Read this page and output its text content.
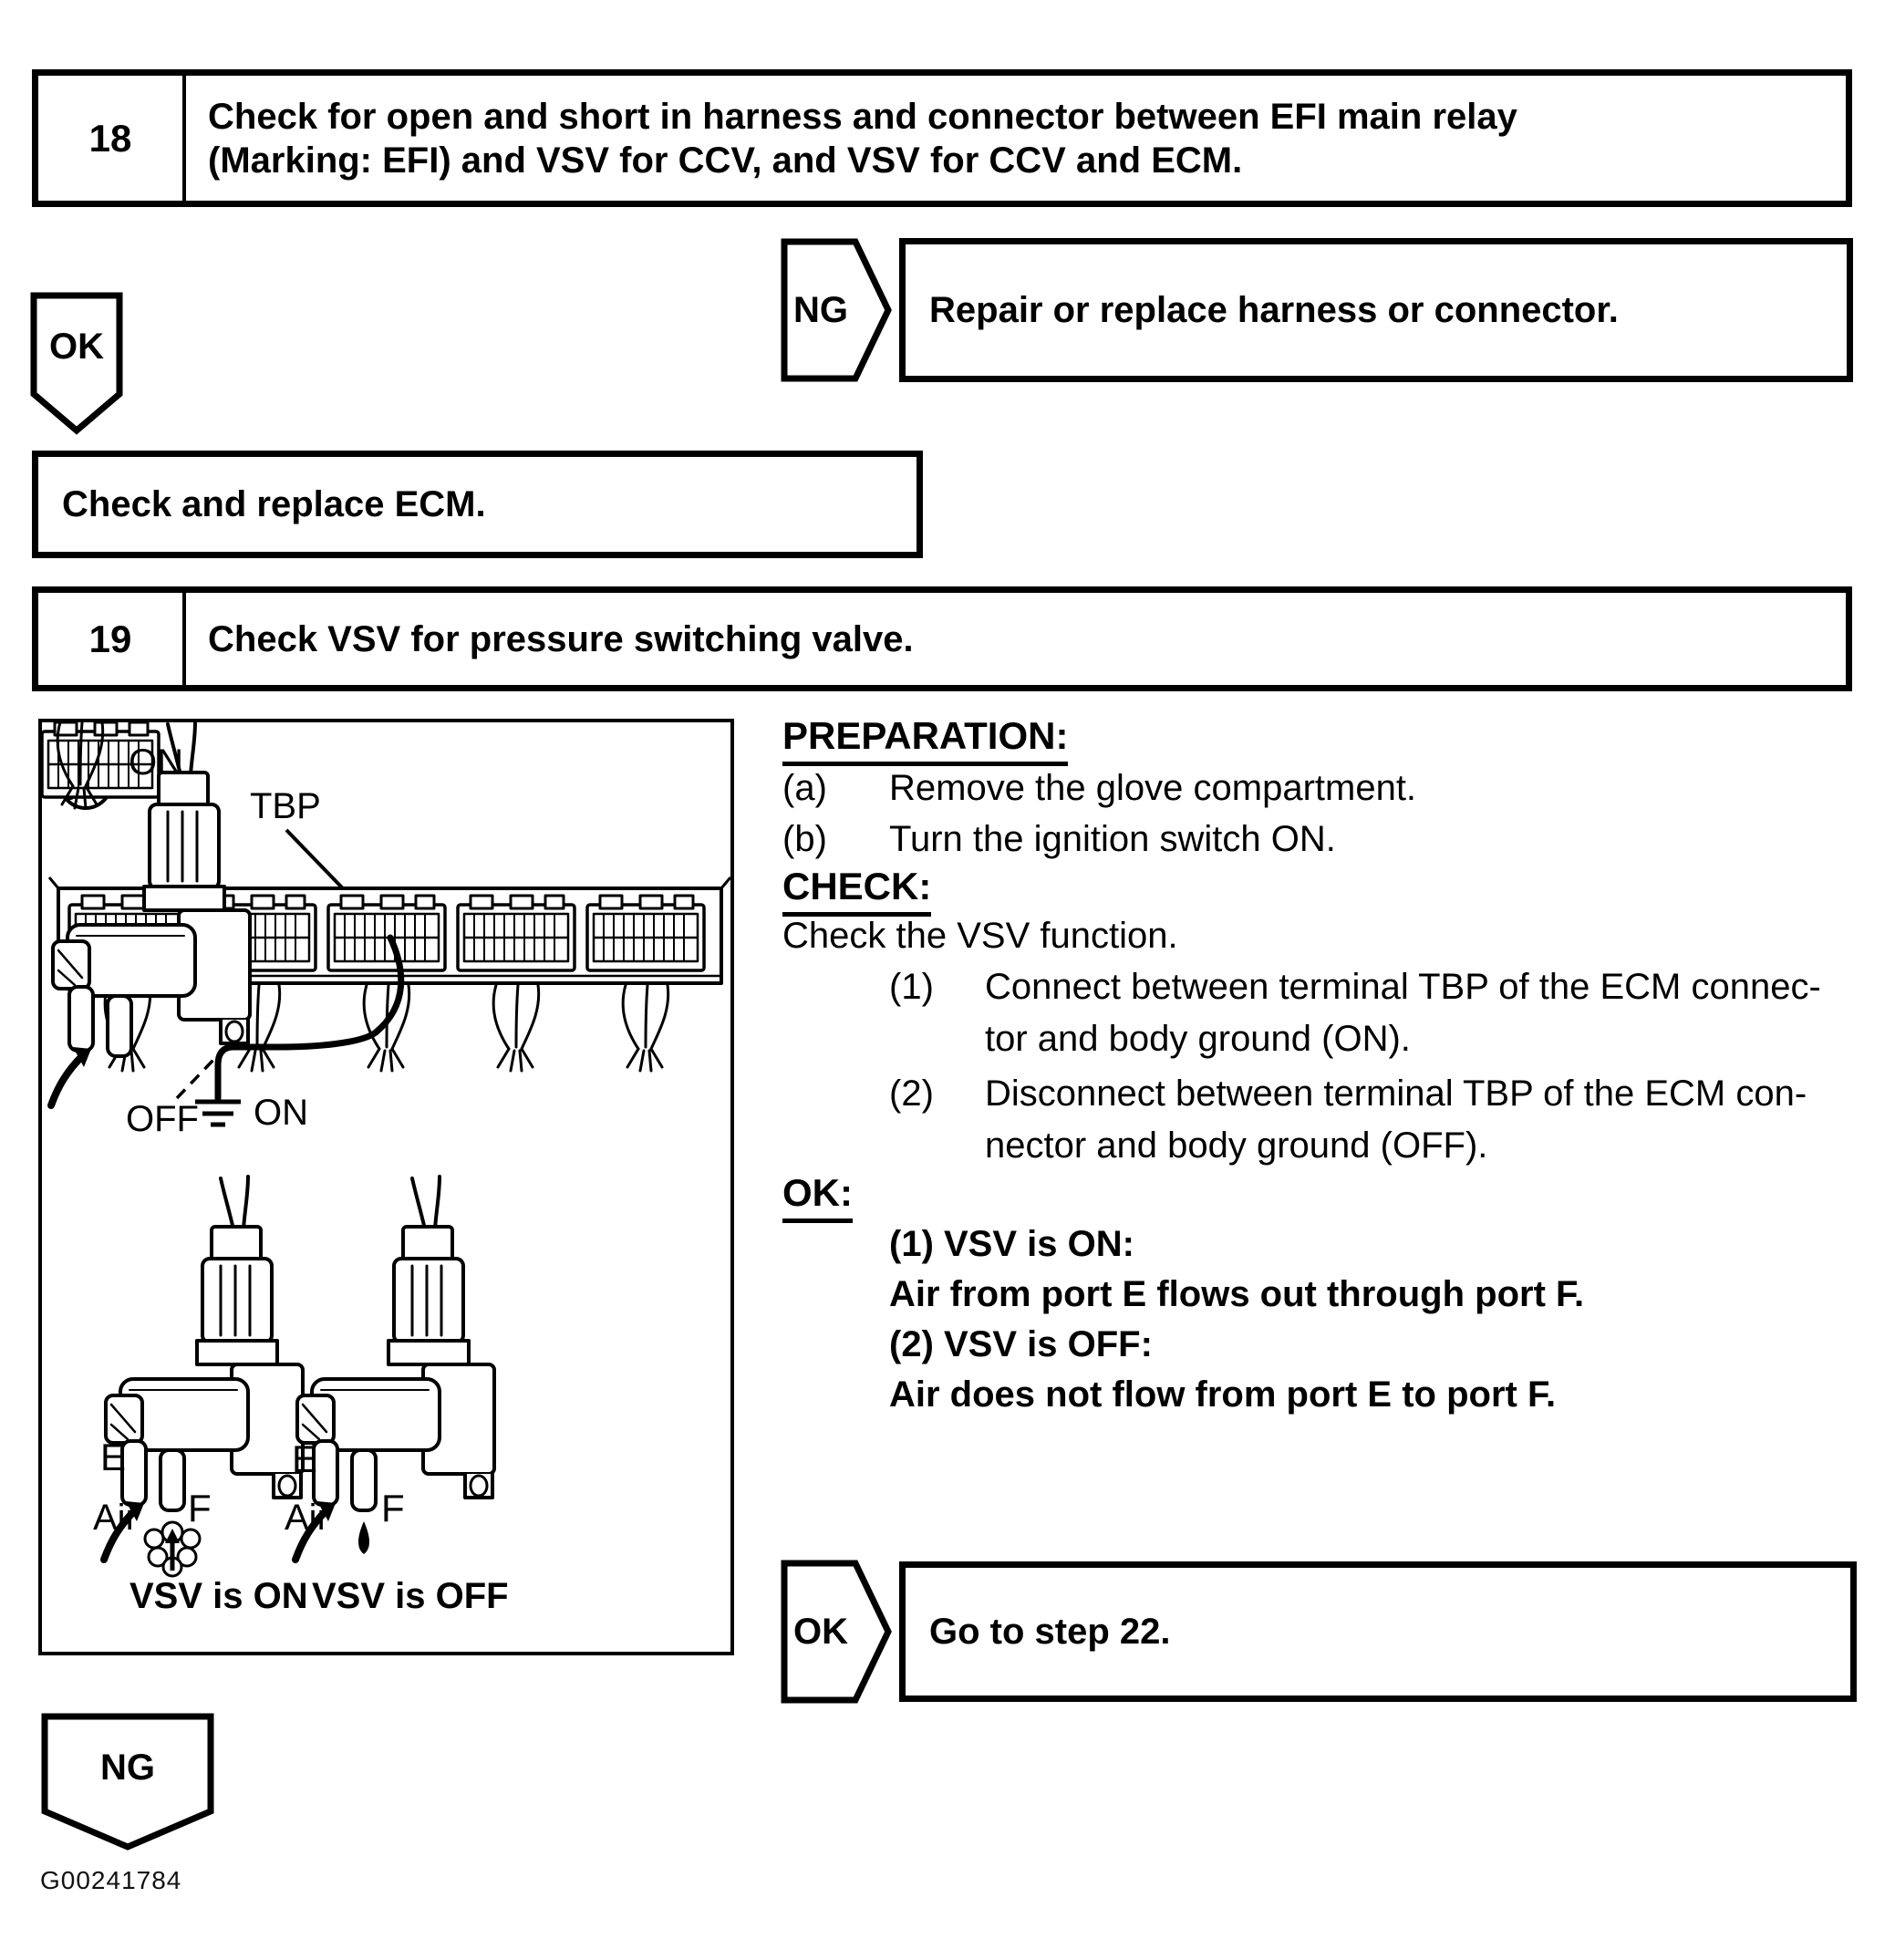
18	Check for open and short in harness and connector between EFI main relay (Marking: EFI) and VSV for CCV, and VSV for CCV and ECM.
NG	Repair or replace harness or connector.
OK
Check and replace ECM.
19	Check VSV for pressure switching valve.
ON
TBP
OFF ON
E
Air F
VSV is ON
E
Air F
VSV is OFF
PREPARATION:
(a) Remove the glove compartment.
(b) Turn the ignition switch ON.
CHECK:
Check the VSV function.
(1) Connect between terminal TBP of the ECM connec-
tor and body ground (ON).
(2) Disconnect between terminal TBP of the ECM con-
nector and body ground (OFF).
OK:
(1) VSV is ON:
Air from port E flows out through port F.
(2) VSV is OFF:
Air does not flow from port E to port F.
OK	Go to step 22.
NG
G00241784
